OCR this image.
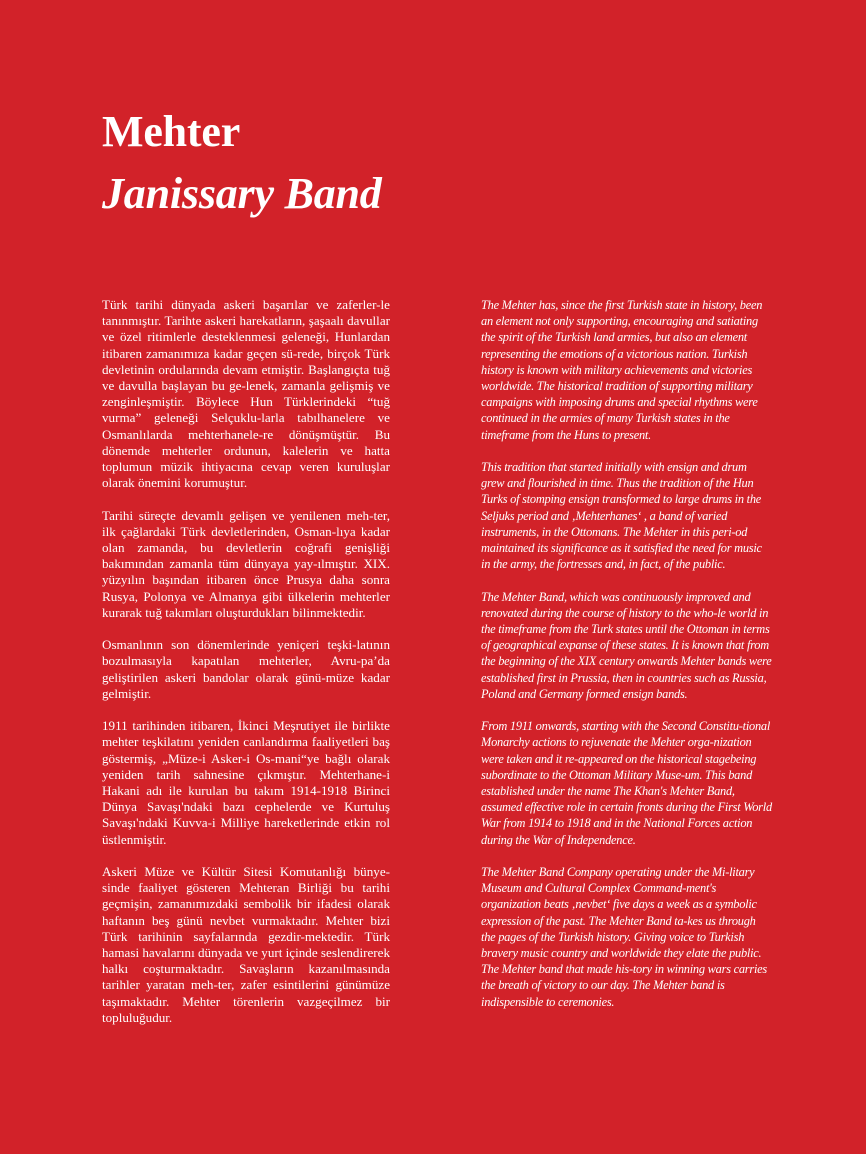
Mehter
Janissary Band

Türk tarihi dünyada askeri başarılar ve zaferler-le tanınmıştır. Tarihte askeri harekatların, şaşaalı davullar ve özel ritimlerle desteklenmesi geleneği, Hunlardan itibaren zamanımıza kadar geçen sü-rede, birçok Türk devletinin ordularında devam etmiştir. Başlangıçta tuğ ve davulla başlayan bu ge-lenek, zamanla gelişmiş ve zenginleşmiştir. Böylece Hun Türklerindeki “tuğ vurma” geleneği Selçuklu-larla tabılhanelere ve Osmanlılarda mehterhanele-re dönüşmüştür. Bu dönemde mehterler ordunun, kalelerin ve hatta toplumun müzik ihtiyacına cevap veren kuruluşlar olarak önemini korumuştur.

Tarihi süreçte devamlı gelişen ve yenilenen meh-ter, ilk çağlardaki Türk devletlerinden, Osman-lıya kadar olan zamanda, bu devletlerin coğrafi genişliği bakımından zamanla tüm dünyaya yay-ılmıştır. XIX. yüzyılın başından itibaren önce Prusya daha sonra Rusya, Polonya ve Almanya gibi ülkelerin mehterler kurarak tuğ takımları oluşturdukları bilinmektedir.

Osmanlının son dönemlerinde yeniçeri teşki-latının bozulmasıyla kapatılan mehterler, Avru-pa’da geliştirilen askeri bandolar olarak günü-müze kadar gelmiştir.

1911 tarihinden itibaren, İkinci Meşrutiyet ile birlikte mehter teşkilatını yeniden canlandırma faaliyetleri baş göstermiş, „Müze-i Asker-i Os-mani“ye bağlı olarak yeniden tarih sahnesine çıkmıştır. Mehterhane-i Hakani adı ile kurulan bu takım 1914-1918 Birinci Dünya Savaşı'ndaki bazı cephelerde ve Kurtuluş Savaşı'ndaki Kuvva-i Milliye hareketlerinde etkin rol üstlenmiştir.

Askeri Müze ve Kültür Sitesi Komutanlığı bünye-sinde faaliyet gösteren Mehteran Birliği bu tarihi geçmişin, zamanımızdaki sembolik bir ifadesi olarak haftanın beş günü nevbet vurmaktadır. Mehter bizi Türk tarihinin sayfalarında gezdir-mektedir. Türk hamasi havalarını dünyada ve yurt içinde seslendirerek halkı coşturmaktadır. Savaşların kazanılmasında tarihler yaratan meh-ter, zafer esintilerini günümüze taşımaktadır. Mehter törenlerin vazgeçilmez bir topluluğudur.

The Mehter has, since the first Turkish state in history, been an element not only supporting, encouraging and satiating the spirit of the Turkish land armies, but also an element representing the emotions of a victorious nation. Turkish history is known with military achievements and victories worldwide. The historical tradition of supporting military campaigns with imposing drums and special rhythms were continued in the armies of many Turkish states in the timeframe from the Huns to present.

This tradition that started initially with ensign and drum grew and flourished in time. Thus the tradition of the Hun Turks of stomping ensign transformed to large drums in the Seljuks period and ‚Mehterhanes‘ , a band of varied instruments, in the Ottomans. The Mehter in this peri-od maintained its significance as it satisfied the need for music in the army, the fortresses and, in fact, of the public.

The Mehter Band, which was continuously improved and renovated during the course of history to the who-le world in the timeframe from the Turk states until the Ottoman in terms of geographical expanse of these states. It is known that from the beginning of the XIX century onwards Mehter bands were established first in Prussia, then in countries such as Russia, Poland and Germany formed ensign bands.

From 1911 onwards, starting with the Second Constitu-tional Monarchy actions to rejuvenate the Mehter orga-nization were taken and it re-appeared on the historical stagebeing subordinate to the Ottoman Military Muse-um. This band established under the name The Khan's Mehter Band, assumed effective role in certain fronts during the First World War from 1914 to 1918 and in the National Forces action during the War of Independence.

The Mehter Band Company operating under the Mi-litary Museum and Cultural Complex Command-ment's organization beats ‚nevbet‘ five days a week as a symbolic expression of the past. The Mehter Band ta-kes us through the pages of the Turkish history. Giving voice to Turkish bravery music country and worldwide they elate the public. The Mehter band that made his-tory in winning wars carries the breath of victory to our day. The Mehter band is indispensible to ceremonies.
